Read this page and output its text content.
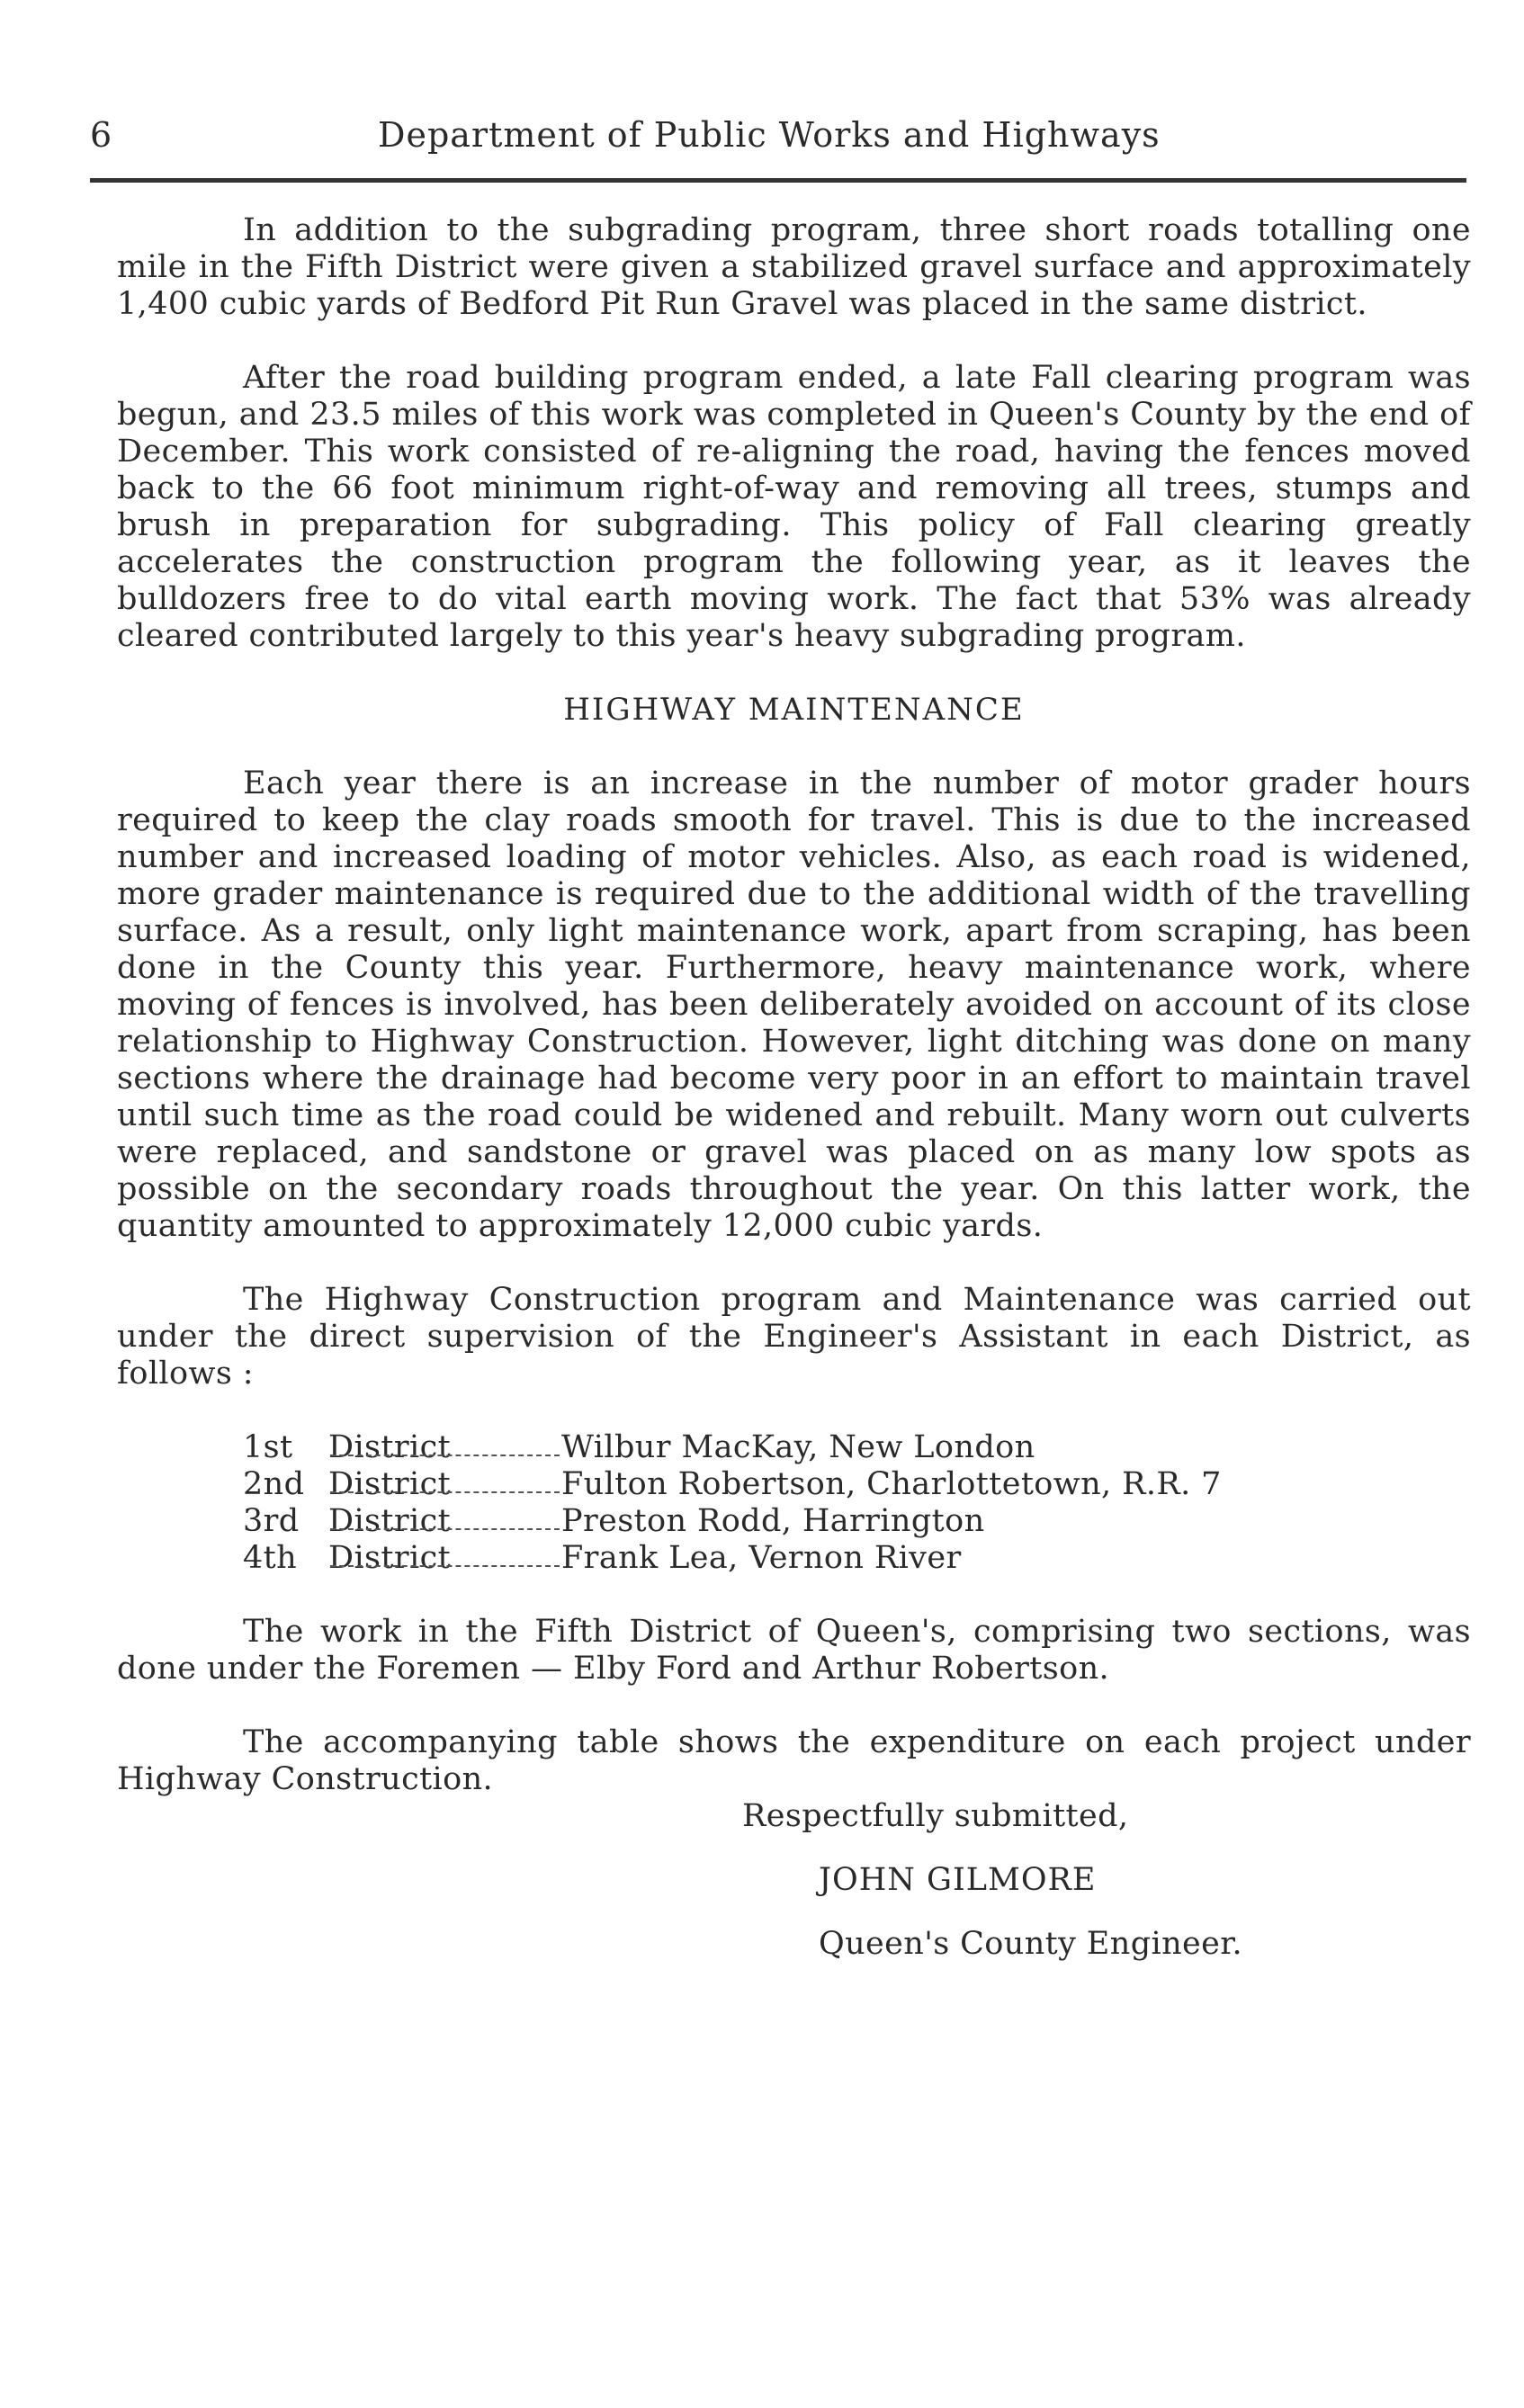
6	Department of Public Works and Highways

In addition to the subgrading program, three short roads totalling one mile in the Fifth District were given a stabilized gravel surface and approximately 1,400 cubic yards of Bedford Pit Run Gravel was placed in the same district.

After the road building program ended, a late Fall clearing program was begun, and 23.5 miles of this work was completed in Queen's County by the end of December. This work consisted of re-aligning the road, having the fences moved back to the 66 foot minimum right-of-way and removing all trees, stumps and brush in preparation for subgrading. This policy of Fall clearing greatly accelerates the construction program the following year, as it leaves the bulldozers free to do vital earth moving work. The fact that 53% was already cleared contributed largely to this year's heavy subgrading program.

HIGHWAY MAINTENANCE

Each year there is an increase in the number of motor grader hours required to keep the clay roads smooth for travel. This is due to the increased number and increased loading of motor vehicles. Also, as each road is widened, more grader maintenance is required due to the additional width of the travelling surface. As a result, only light maintenance work, apart from scraping, has been done in the County this year. Furthermore, heavy maintenance work, where moving of fences is involved, has been deliberately avoided on account of its close relationship to Highway Construction. However, light ditching was done on many sections where the drainage had become very poor in an effort to maintain travel until such time as the road could be widened and rebuilt. Many worn out culverts were replaced, and sandstone or gravel was placed on as many low spots as possible on the secondary roads throughout the year. On this latter work, the quantity amounted to approximately 12,000 cubic yards.

The Highway Construction program and Maintenance was carried out under the direct supervision of the Engineer's Assistant in each District, as follows :

1st	District	Wilbur MacKay, New London
2nd District	Fulton Robertson, Charlottetown, R.R. 7
3rd District	Preston Rodd, Harrington
4th District	Frank Lea, Vernon River

The work in the Fifth District of Queen's, comprising two sections, was done under the Foremen — Elby Ford and Arthur Robertson.

The accompanying table shows the expenditure on each project under Highway Construction.

Respectfully submitted,
JOHN GILMORE
Queen's County Engineer.
